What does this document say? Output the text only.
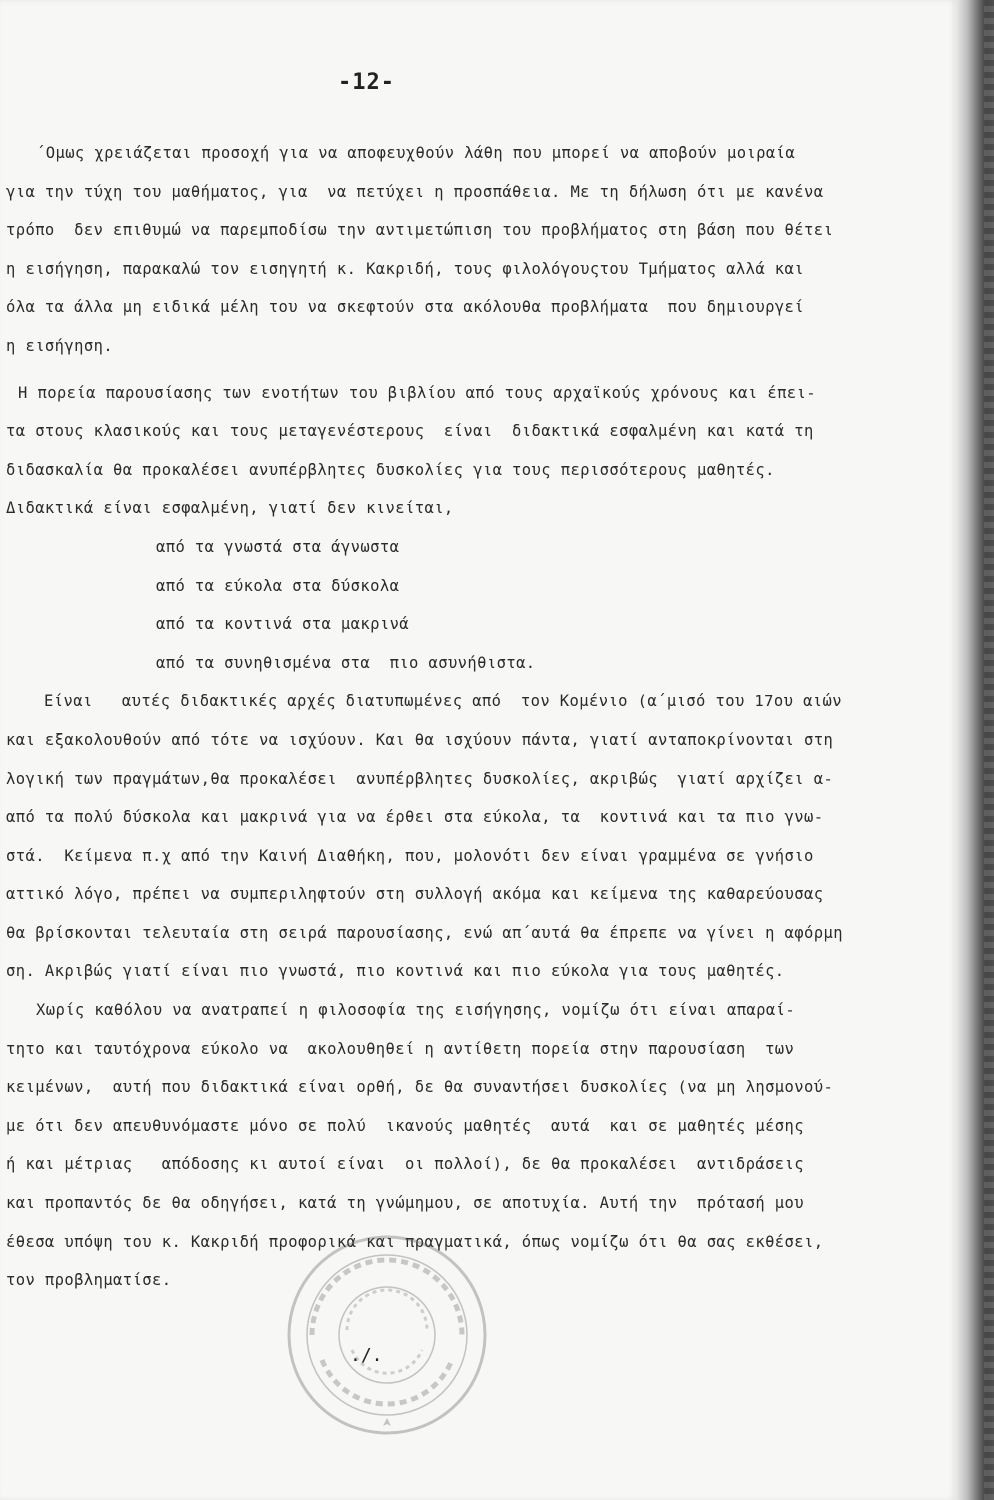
-12-
΄Ομως χρειάζεται προσοχή για να αποφευχθούν λάθη που μπορεί να αποβούν μοιραία
για την τύχη του μαθήματος, για  να πετύχει η προσπάθεια. Με τη δήλωση ότι με κανένα
τρόπο  δεν επιθυμώ να παρεμποδίσω την αντιμετώπιση του προβλήματος στη βάση που θέτει
η εισήγηση, παρακαλώ τον εισηγητή κ. Κακριδή, τους φιλολόγουςτου Τμήματος αλλά και
όλα τα άλλα μη ειδικά μέλη του να σκεφτούν στα ακόλουθα προβλήματα  που δημιουργεί
η εισήγηση.
Η πορεία παρουσίασης των ενοτήτων του βιβλίου από τους αρχαϊκούς χρόνους και έπει-
τα στους κλασικούς και τους μεταγενέστερους  είναι  διδακτικά εσφαλμένη και κατά τη
διδασκαλία θα προκαλέσει ανυπέρβλητες δυσκολίες για τους περισσότερους μαθητές.
Διδακτικά είναι εσφαλμένη, γιατί δεν κινείται,
από τα γνωστά στα άγνωστα
από τα εύκολα στα δύσκολα
από τα κοντινά στα μακρινά
από τα συνηθισμένα στα  πιο ασυνήθιστα.
Είναι   αυτές διδακτικές αρχές διατυπωμένες από  τον Κομένιο (α΄μισό του 17ου αιών
και εξακολουθούν από τότε να ισχύουν. Και θα ισχύουν πάντα, γιατί ανταποκρίνονται στη
λογική των πραγμάτων,θα προκαλέσει  ανυπέρβλητες δυσκολίες, ακριβώς  γιατί αρχίζει α-
από τα πολύ δύσκολα και μακρινά για να έρθει στα εύκολα, τα  κοντινά και τα πιο γνω-
στά.  Κείμενα π.χ από την Καινή Διαθήκη, που, μολονότι δεν είναι γραμμένα σε γνήσιο
αττικό λόγο, πρέπει να συμπεριληφτούν στη συλλογή ακόμα και κείμενα της καθαρεύουσας
θα βρίσκονται τελευταία στη σειρά παρουσίασης, ενώ απ΄αυτά θα έπρεπε να γίνει η αφόρμη
ση. Ακριβώς γιατί είναι πιο γνωστά, πιο κοντινά και πιο εύκολα για τους μαθητές.
Χωρίς καθόλου να ανατραπεί η φιλοσοφία της εισήγησης, νομίζω ότι είναι απαραί-
τητο και ταυτόχρονα εύκολο να  ακολουθηθεί η αντίθετη πορεία στην παρουσίαση  των
κειμένων,  αυτή που διδακτικά είναι ορθή, δε θα συναντήσει δυσκολίες (να μη λησμονού-
με ότι δεν απευθυνόμαστε μόνο σε πολύ  ικανούς μαθητές  αυτά  και σε μαθητές μέσης
ή και μέτριας   απόδοσης κι αυτοί είναι  οι πολλοί), δε θα προκαλέσει  αντιδράσεις
και προπαντός δε θα οδηγήσει, κατά τη γνώμημου, σε αποτυχία. Αυτή την  πρότασή μου
έθεσα υπόψη του κ. Κακριδή προφορικά και πραγματικά, όπως νομίζω ότι θα σας εκθέσει,
τον προβληματίσε.
./.
